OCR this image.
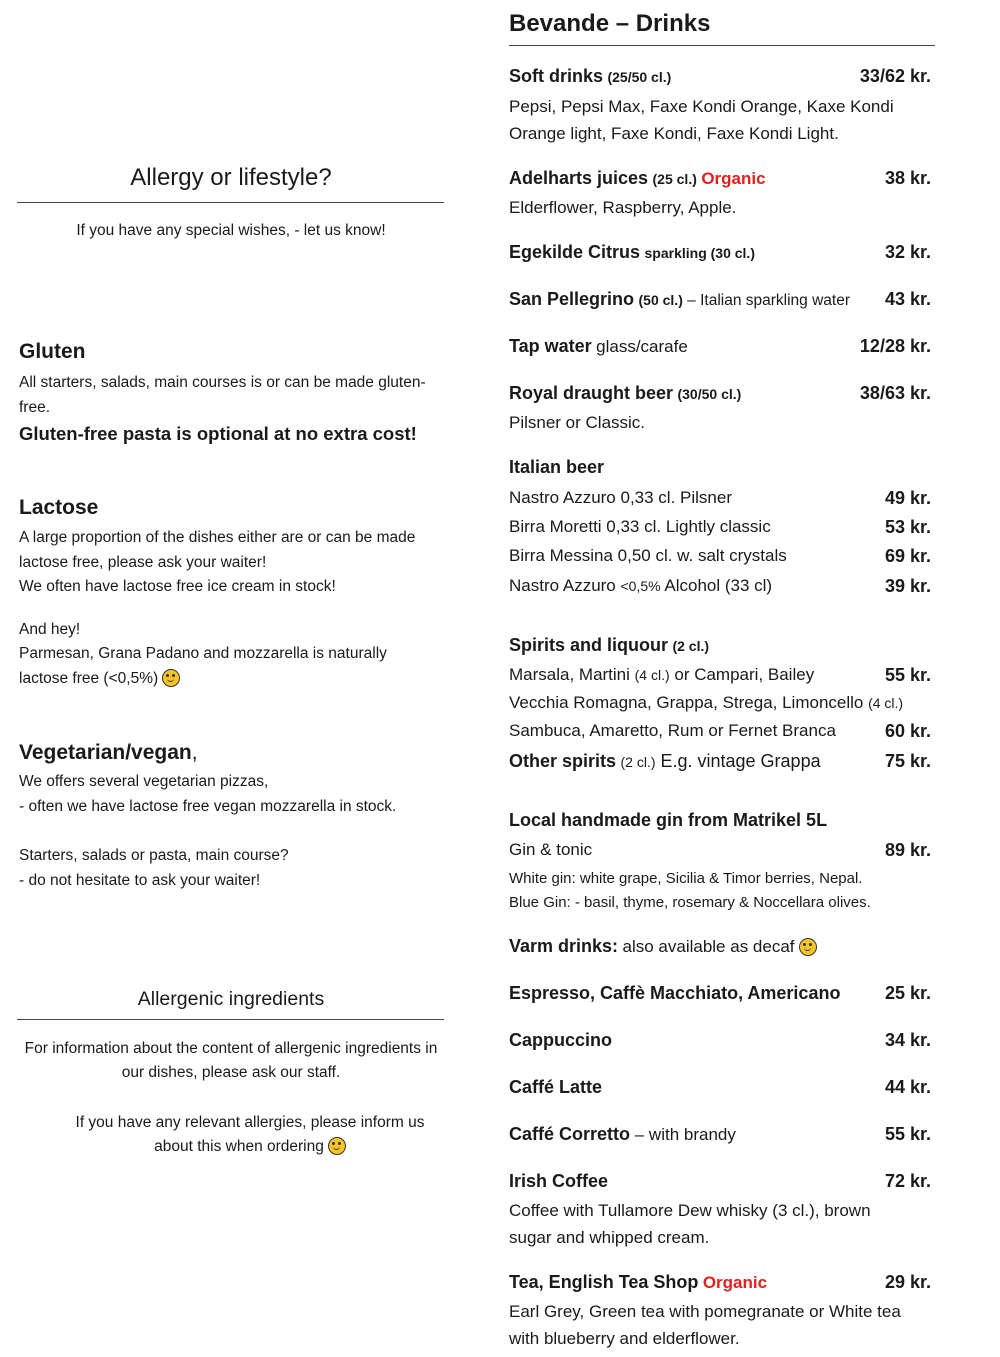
Allergy or lifestyle?
If you have any special wishes, - let us know!
Gluten
All starters, salads, main courses is or can be made gluten-free.
Gluten-free pasta is optional at no extra cost!
Lactose
A large proportion of the dishes either are or can be made lactose free, please ask your waiter!
We often have lactose free ice cream in stock!
And hey!
Parmesan, Grana Padano and mozzarella is naturally lactose free (<0,5%)
Vegetarian/vegan,
We offers several vegetarian pizzas,
- often we have lactose free vegan mozzarella in stock.
Starters, salads or pasta, main course?
- do not hesitate to ask your waiter!
Allergenic ingredients
For information about the content of allergenic ingredients in our dishes, please ask our staff.
If you have any relevant allergies, please inform us about this when ordering
Bevande – Drinks
Soft drinks (25/50 cl.)	33/62 kr.
Pepsi, Pepsi Max, Faxe Kondi Orange, Kaxe Kondi Orange light, Faxe Kondi, Faxe Kondi Light.
Adelharts juices (25 cl.) Organic	38 kr.
Elderflower, Raspberry, Apple.
Egekilde Citrus sparkling (30 cl.)	32 kr.
San Pellegrino (50 cl.) – Italian sparkling water 43 kr.
Tap water glass/carafe	12/28 kr.
Royal draught beer (30/50 cl.)	38/63 kr.
Pilsner or Classic.
Italian beer
Nastro Azzuro 0,33 cl. Pilsner	49 kr.
Birra Moretti 0,33 cl. Lightly classic	53 kr.
Birra Messina 0,50 cl. w. salt crystals	69 kr.
Nastro Azzuro <0,5% Alcohol (33 cl)	39 kr.
Spirits and liquour (2 cl.)
Marsala, Martini (4 cl.) or Campari, Bailey	55 kr.
Vecchia Romagna, Grappa, Strega, Limoncello (4 cl.)
Sambuca, Amaretto, Rum or Fernet Branca	60 kr.
Other spirits (2 cl.) E.g. vintage Grappa	75 kr.
Local handmade gin from Matrikel 5L
Gin & tonic	89 kr.
White gin: white grape, Sicilia & Timor berries, Nepal.
Blue Gin: - basil, thyme, rosemary & Noccellara olives.
Varm drinks: also available as decaf
Espresso, Caffè Macchiato, Americano 25 kr.
Cappuccino	34 kr.
Caffé Latte	44 kr.
Caffé Corretto – with brandy	55 kr.
Irish Coffee	72 kr.
Coffee with Tullamore Dew whisky (3 cl.), brown sugar and whipped cream.
Tea, English Tea Shop Organic	29 kr.
Earl Grey, Green tea with pomegranate or White tea with blueberry and elderflower.
